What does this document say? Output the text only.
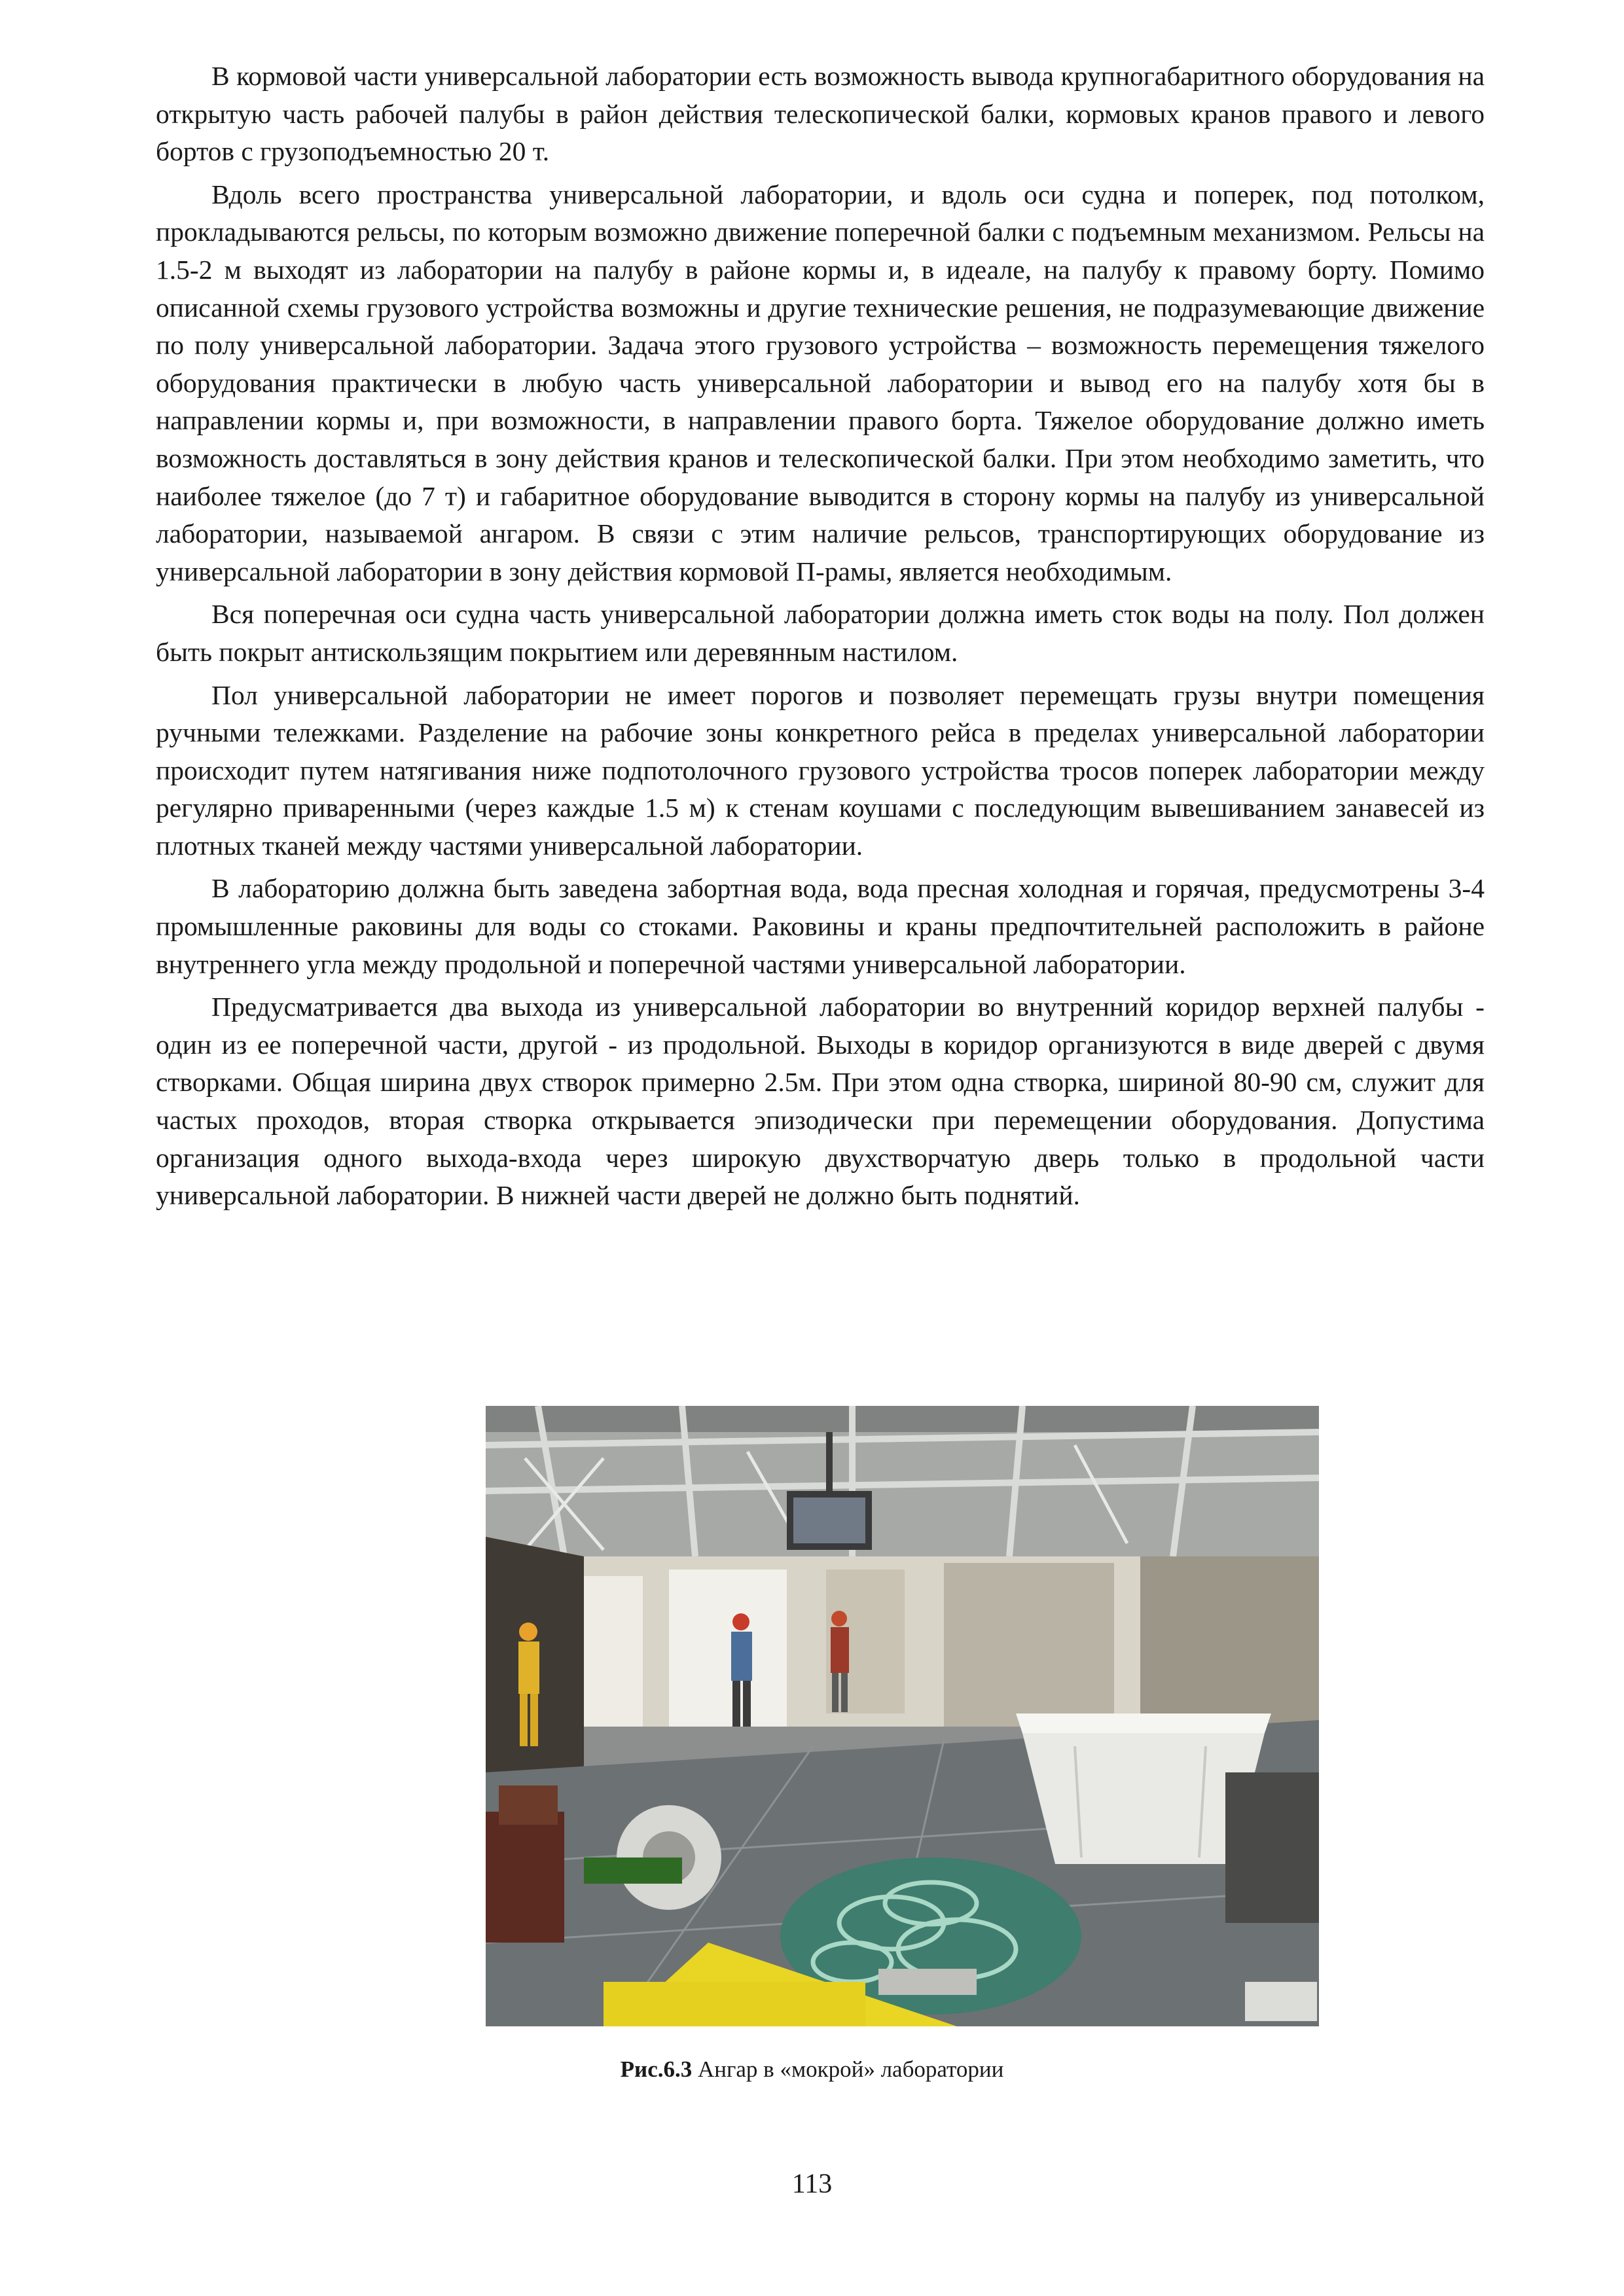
В кормовой части универсальной лаборатории есть возможность вывода крупногабаритного оборудования на открытую часть рабочей палубы в район действия телескопической балки, кормовых кранов правого и левого бортов с грузоподъемностью 20 т.

Вдоль всего пространства универсальной лаборатории, и вдоль оси судна и поперек, под потолком, прокладываются рельсы, по которым возможно движение поперечной балки с подъемным механизмом. Рельсы на 1.5-2 м выходят из лаборатории на палубу в районе кормы и, в идеале, на палубу к правому борту. Помимо описанной схемы грузового устройства возможны и другие технические решения, не подразумевающие движение по полу универсальной лаборатории. Задача этого грузового устройства – возможность перемещения тяжелого оборудования практически в любую часть универсальной лаборатории и вывод его на палубу хотя бы в направлении кормы и, при возможности, в направлении правого борта. Тяжелое оборудование должно иметь возможность доставляться в зону действия кранов и телескопической балки. При этом необходимо заметить, что наиболее тяжелое (до 7 т) и габаритное оборудование выводится в сторону кормы на палубу из универсальной лаборатории, называемой ангаром. В связи с этим наличие рельсов, транспортирующих оборудование из универсальной лаборатории в зону действия кормовой П-рамы, является необходимым.

Вся поперечная оси судна часть универсальной лаборатории должна иметь сток воды на полу. Пол должен быть покрыт антискользящим покрытием или деревянным настилом.

Пол универсальной лаборатории не имеет порогов и позволяет перемещать грузы внутри помещения ручными тележками. Разделение на рабочие зоны конкретного рейса в пределах универсальной лаборатории происходит путем натягивания ниже подпотолочного грузового устройства тросов поперек лаборатории между регулярно приваренными (через каждые 1.5 м) к стенам коушами с последующим вывешиванием занавесей из плотных тканей между частями универсальной лаборатории.

В лабораторию должна быть заведена забортная вода, вода пресная холодная и горячая, предусмотрены 3-4 промышленные раковины для воды со стоками. Раковины и краны предпочтительней расположить в районе внутреннего угла между продольной и поперечной частями универсальной лаборатории.

Предусматривается два выхода из универсальной лаборатории во внутренний коридор верхней палубы - один из ее поперечной части, другой - из продольной. Выходы в коридор организуются в виде дверей с двумя створками. Общая ширина двух створок примерно 2.5м. При этом одна створка, шириной 80-90 см, служит для частых проходов, вторая створка открывается эпизодически при перемещении оборудования. Допустима организация одного выхода-входа через широкую двухстворчатую дверь только в продольной части универсальной лаборатории. В нижней части дверей не должно быть поднятий.

Рис.6.3 Ангар в «мокрой» лаборатории
113
